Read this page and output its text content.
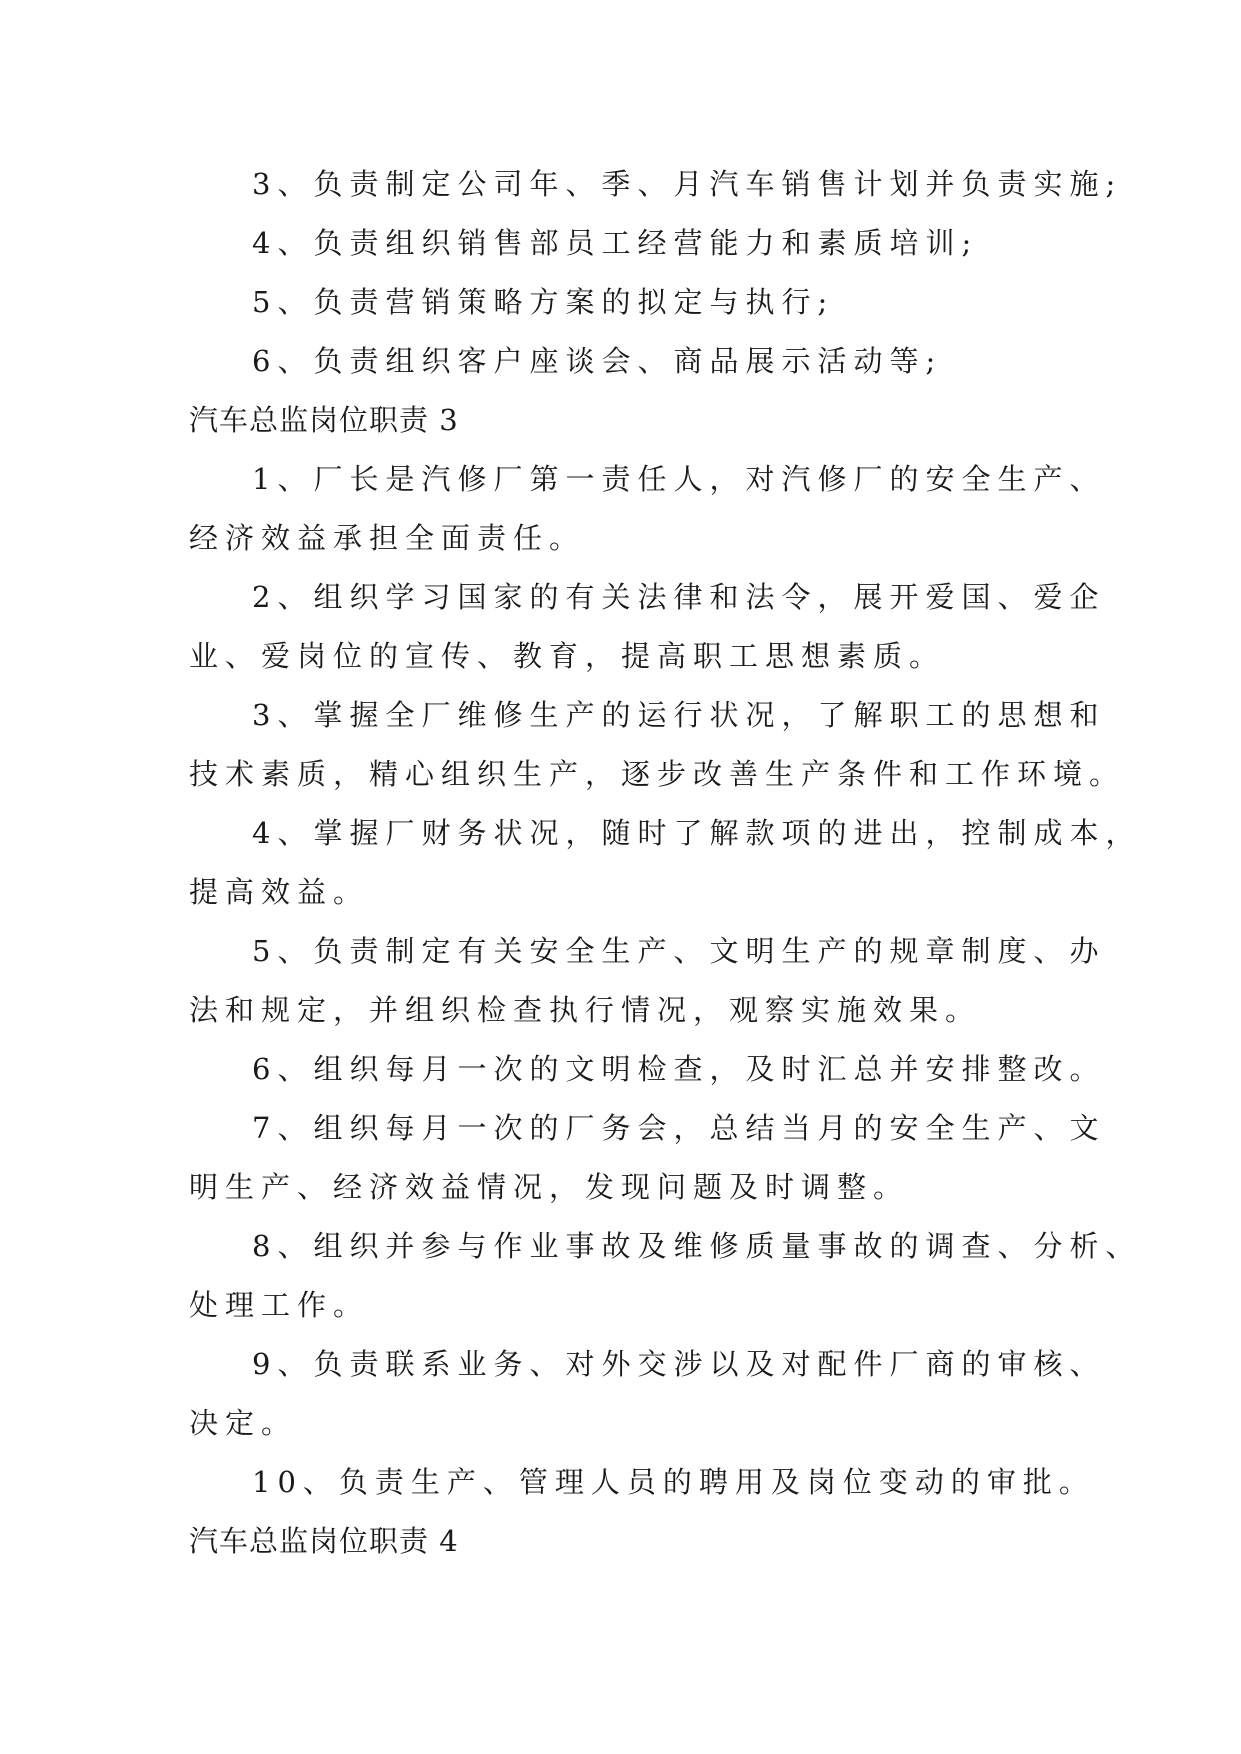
3、负责制定公司年、季、月汽车销售计划并负责实施;
4、负责组织销售部员工经营能力和素质培训;
5、负责营销策略方案的拟定与执行;
6、负责组织客户座谈会、商品展示活动等;
汽车总监岗位职责 3
1、厂长是汽修厂第一责任人，对汽修厂的安全生产、
经济效益承担全面责任。
2、组织学习国家的有关法律和法令，展开爱国、爱企
业、爱岗位的宣传、教育，提高职工思想素质。
3、掌握全厂维修生产的运行状况，了解职工的思想和
技术素质，精心组织生产，逐步改善生产条件和工作环境。
4、掌握厂财务状况，随时了解款项的进出，控制成本，
提高效益。
5、负责制定有关安全生产、文明生产的规章制度、办
法和规定，并组织检查执行情况，观察实施效果。
6、组织每月一次的文明检查，及时汇总并安排整改。
7、组织每月一次的厂务会，总结当月的安全生产、文
明生产、经济效益情况，发现问题及时调整。
8、组织并参与作业事故及维修质量事故的调查、分析、
处理工作。
9、负责联系业务、对外交涉以及对配件厂商的审核、
决定。
10、负责生产、管理人员的聘用及岗位变动的审批。
汽车总监岗位职责 4
